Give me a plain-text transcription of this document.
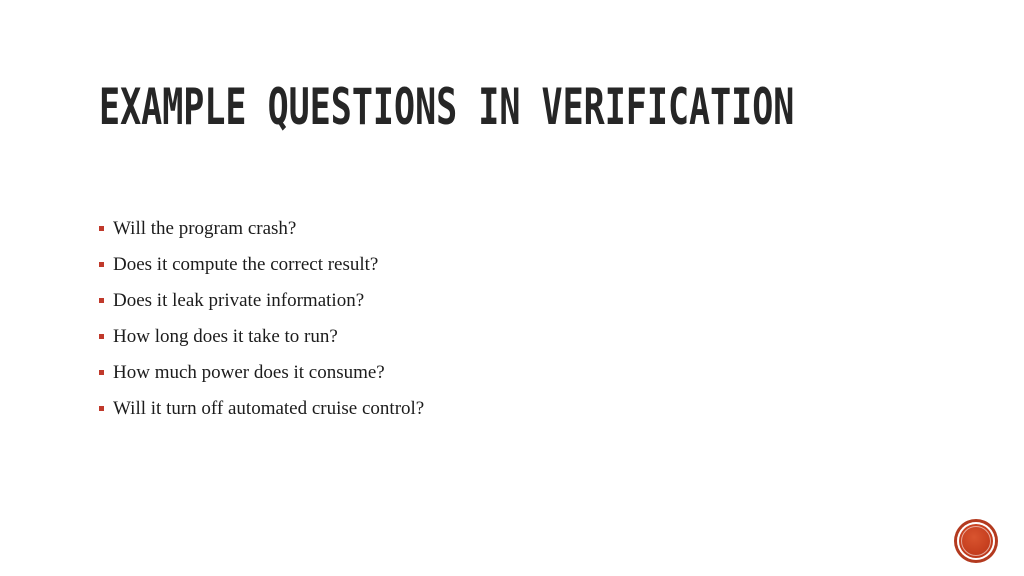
EXAMPLE QUESTIONS IN VERIFICATION
Will the program crash?
Does it compute the correct result?
Does it leak private information?
How long does it take to run?
How much power does it consume?
Will it turn off automated cruise control?
